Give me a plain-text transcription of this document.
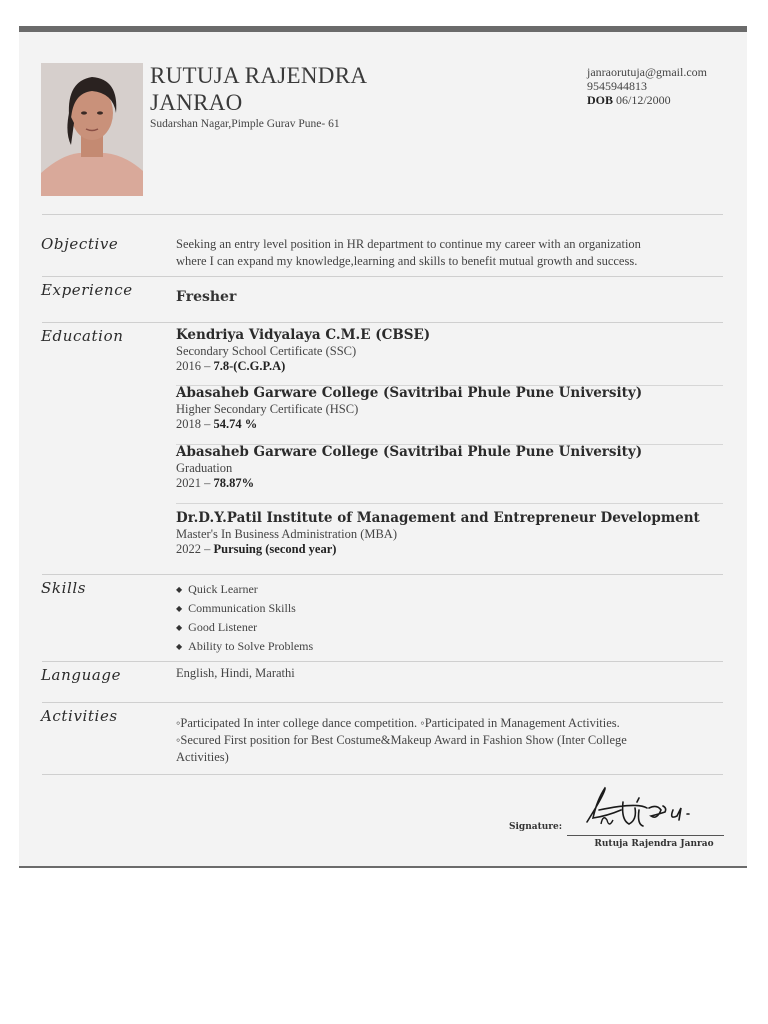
RUTUJA RAJENDRA
JANRAO
Sudarshan Nagar,Pimple Gurav Pune- 61
janraorutuja@gmail.com
9545944813
DOB 06/12/2000
Objective	Seeking an entry level position in HR department to continue my career with an organization
where I can expand my knowledge,learning and skills to benefit mutual growth and success.
Experience	Fresher
Education	Kendriya Vidyalaya C.M.E (CBSE)
Secondary School Certificate (SSC)
2016 – 7.8-(C.G.P.A)
Abasaheb Garware College (Savitribai Phule Pune University)
Higher Secondary Certificate (HSC)
2018 – 54.74 %
Abasaheb Garware College (Savitribai Phule Pune University)
Graduation
2021 – 78.87%
Dr.D.Y.Patil Institute of Management and Entrepreneur Development
Master's In Business Administration (MBA)
2022 – Pursuing (second year)
Skills	◆ Quick Learner
◆ Communication Skills
◆ Good Listener
◆ Ability to Solve Problems
Language	English, Hindi, Marathi
Activities	◦Participated In inter college dance competition. ◦Participated in Management Activities.
◦Secured First position for Best Costume&Makeup Award in Fashion Show (Inter College
Activities)
Signature:
Rutuja Rajendra Janrao
